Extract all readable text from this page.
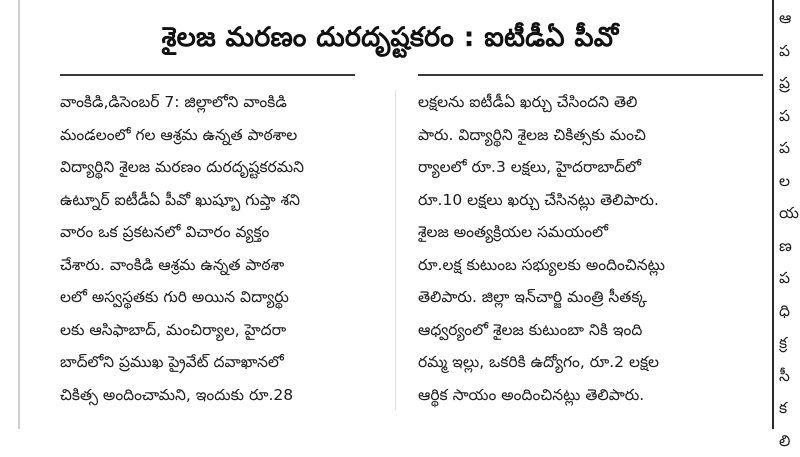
శైలజ మరణం దురదృష్టకరం : ఐటీడీఏ పీవో
వాంకిడి,డిసెంబర్ 7: జిల్లాలోని వాంకిడి
మండలంలో గల ఆశ్రమ ఉన్నత పాఠశాల
విద్యార్థిని శైలజ మరణం దురదృష్టకరమని
ఉట్నూర్ ఐటీడీఏ పీవో ఖుష్బూ గుప్తా శని
వారం ఒక ప్రకటనలో విచారం వ్యక్తం
చేశారు. వాంకిడి ఆశ్రమ ఉన్నత పాఠశా
లలో అస్వస్థతకు గురి అయిన విద్యార్థు
లకు ఆసిఫాబాద్, మంచిర్యాల, హైదరా
బాద్‌లోని ప్రముఖ ప్రైవేట్ దవాఖానలో
చికిత్స అందించామని, ఇందుకు రూ.28
లక్షలను ఐటీడీఏ ఖర్చు చేసిందని తెలి
పారు. విద్యార్థిని శైలజ చికిత్సకు మంచి
ర్యాలలో రూ.3 లక్షలు, హైదరాబాద్‌లో
రూ.10 లక్షలు ఖర్చు చేసినట్లు తెలిపారు.
శైలజ అంత్యక్రియల సమయంలో
రూ.లక్ష కుటుంబ సభ్యులకు అందించినట్లు
తెలిపారు. జిల్లా ఇన్‌చార్జి మంత్రి సీతక్క
ఆధ్వర్యంలో శైలజ కుటుంబా నికి ఇంది
రమ్మ ఇల్లు, ఒకరికి ఉద్యోగం, రూ.2 లక్షల
ఆర్థిక సాయం అందించినట్లు తెలిపారు.
ఆ
ప
ప్ర
ప
ప
ల
య
ణ
ప
ధి
క్ర
సీ
క
లి
